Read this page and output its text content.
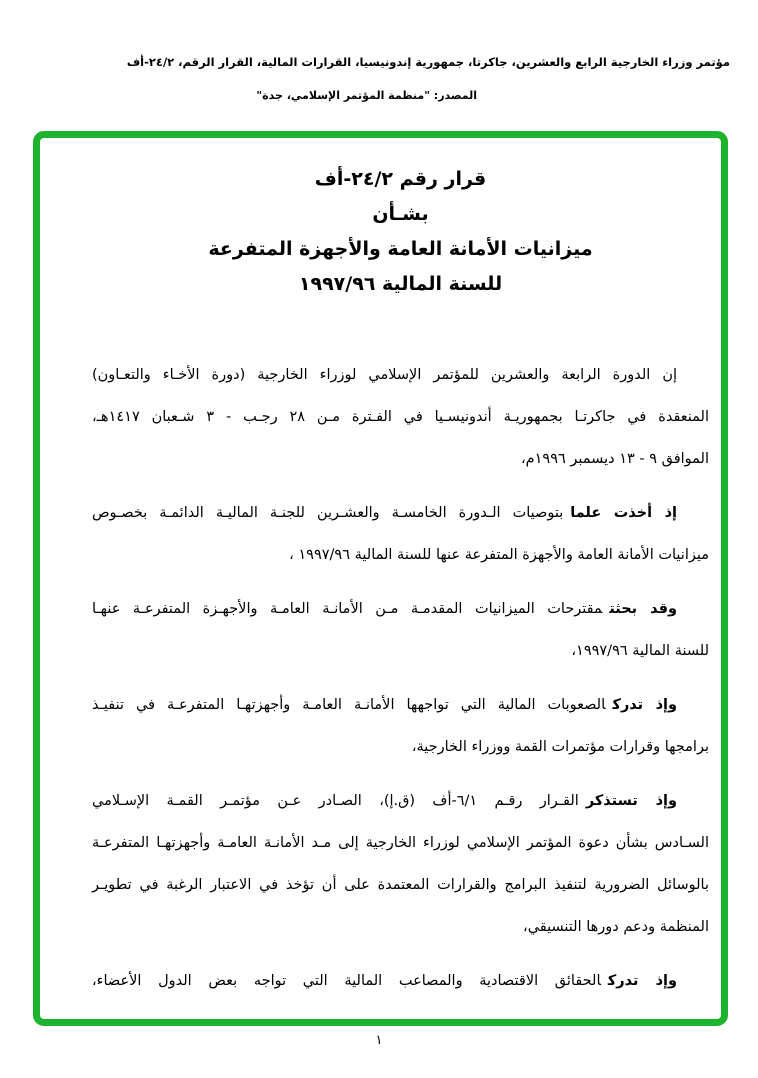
مؤتمر وزراء الخارجية الرابع والعشرين، جاكرتا، جمهورية إندونيسيا، القرارات المالية، القرار الرقم، ٢٤/٢-أف
المصدر: "منظمة المؤتمر الإسلامي، جدة"
قرار رقم ٢٤/٢-أف
بشـأن
ميزانيات الأمانة العامة والأجهزة المتفرعة
للسنة المالية ١٩٩٧/٩٦
إن الدورة الرابعة والعشرين للمؤتمر الإسلامي لوزراء الخارجية (دورة الأخـاء والتعـاون)
المنعقدة في جاكرتـا بجمهوريـة أندونيسـيا في الفـترة مـن ٢٨ رجـب - ٣ شـعبان ١٤١٧هـ،
الموافق ٩ - ١٣ ديسمبر ١٩٩٦م،
إذ أخذت علمابتوصيات الـدورة الخامسـة والعشـرين للجنـة الماليـة الدائمـة بخصـوص
ميزانيات الأمانة العامة والأجهزة المتفرعة عنها للسنة المالية ١٩٩٧/٩٦ ،
وقد بحثتمقترحات الميزانيات المقدمـة مـن الأمانـة العامـة والأجهـزة المتفرعـة عنهـا
للسنة المالية ١٩٩٧/٩٦،
وإذ تدركالصعوبات المالية التي تواجهها الأمانـة العامـة وأجهزتهـا المتفرعـة في تنفيـذ
برامجها وقرارات مؤتمرات القمة ووزراء الخارجية،
وإذ تستذكرالقـرار رقـم ٦/١-أف (ق.إ)، الصـادر عـن مؤتمـر القمـة الإسـلامي
السـادس بشأن دعوة المؤتمر الإسلامي لوزراء الخارجية إلى مـد الأمانـة العامـة وأجهزتهـا المتفرعـة
بالوسائل الضرورية لتنفيذ البرامج والقرارات المعتمدة على أن تؤخذ في الاعتبار الرغبة في تطويـر
المنظمة ودعم دورها التنسيقي،
وإذ تدركالحقائق الاقتصادية والمصاعب المالية التي تواجه بعض الدول الأعضاء،
١
